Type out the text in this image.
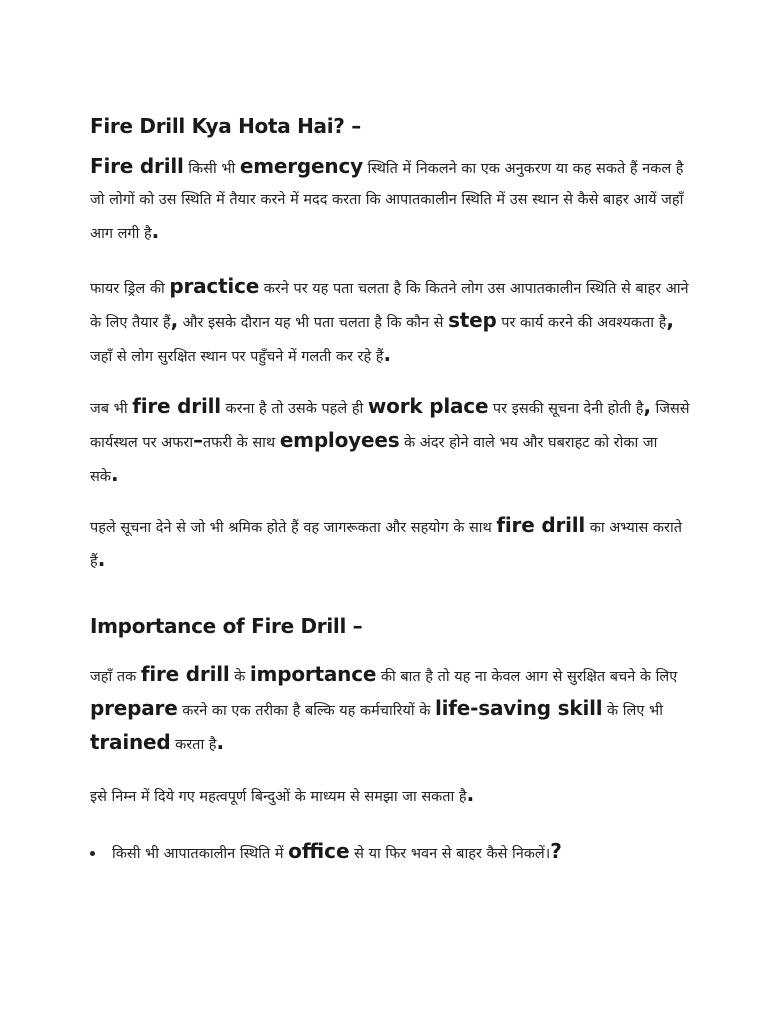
Fire Drill Kya Hota Hai? –

Fire drill किसी भी emergency स्थिति में निकलने का एक अनुकरण या कह सकते हैं नकल है जो लोगों को उस स्थिति में तैयार करने में मदद करता कि आपातकालीन स्थिति में उस स्थान से कैसे बाहर आयें जहाँ आग लगी है.

फायर ड्रिल की practice करने पर यह पता चलता है कि कितने लोग उस आपातकालीन स्थिति से बाहर आने के लिए तैयार हैं, और इसके दौरान यह भी पता चलता है कि कौन से step पर कार्य करने की अवश्यकता है, जहाँ से लोग सुरक्षित स्थान पर पहुँचने में गलती कर रहे हैं.

जब भी fire drill करना है तो उसके पहले ही work place पर इसकी सूचना देनी होती है, जिससे कार्यस्थल पर अफरा–तफरी के साथ employees के अंदर होने वाले भय और घबराहट को रोका जा सके.

पहले सूचना देने से जो भी श्रमिक होते हैं वह जागरूकता और सहयोग के साथ fire drill का अभ्यास कराते हैं.

Importance of Fire Drill –

जहाँ तक fire drill के importance की बात है तो यह ना केवल आग से सुरक्षित बचने के लिए prepare करने का एक तरीका है बल्कि यह कर्मचारियों के life-saving skill के लिए भी trained करता है.

इसे निम्न में दिये गए महत्वपूर्ण बिन्दुओं के माध्यम से समझा जा सकता है.

किसी भी आपातकालीन स्थिति में office से या फिर भवन से बाहर कैसे निकलें।?
